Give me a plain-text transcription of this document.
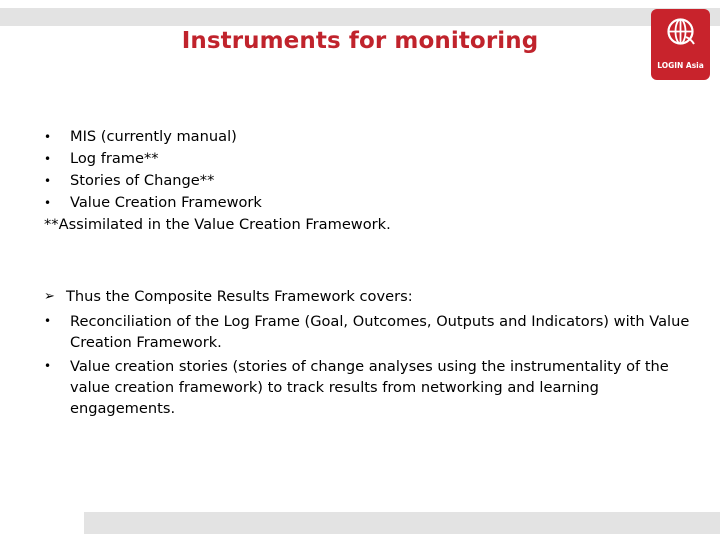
Instruments for monitoring
LOGIN Asia
• MIS (currently manual)
• Log frame**
• Stories of Change**
• Value Creation Framework
**Assimilated in the Value Creation Framework.
➢ Thus the Composite Results Framework covers:
• Reconciliation of the Log Frame (Goal, Outcomes, Outputs and Indicators) with Value Creation Framework.
• Value creation stories (stories of change analyses using the instrumentality of the value creation framework) to track results from networking and learning engagements.
